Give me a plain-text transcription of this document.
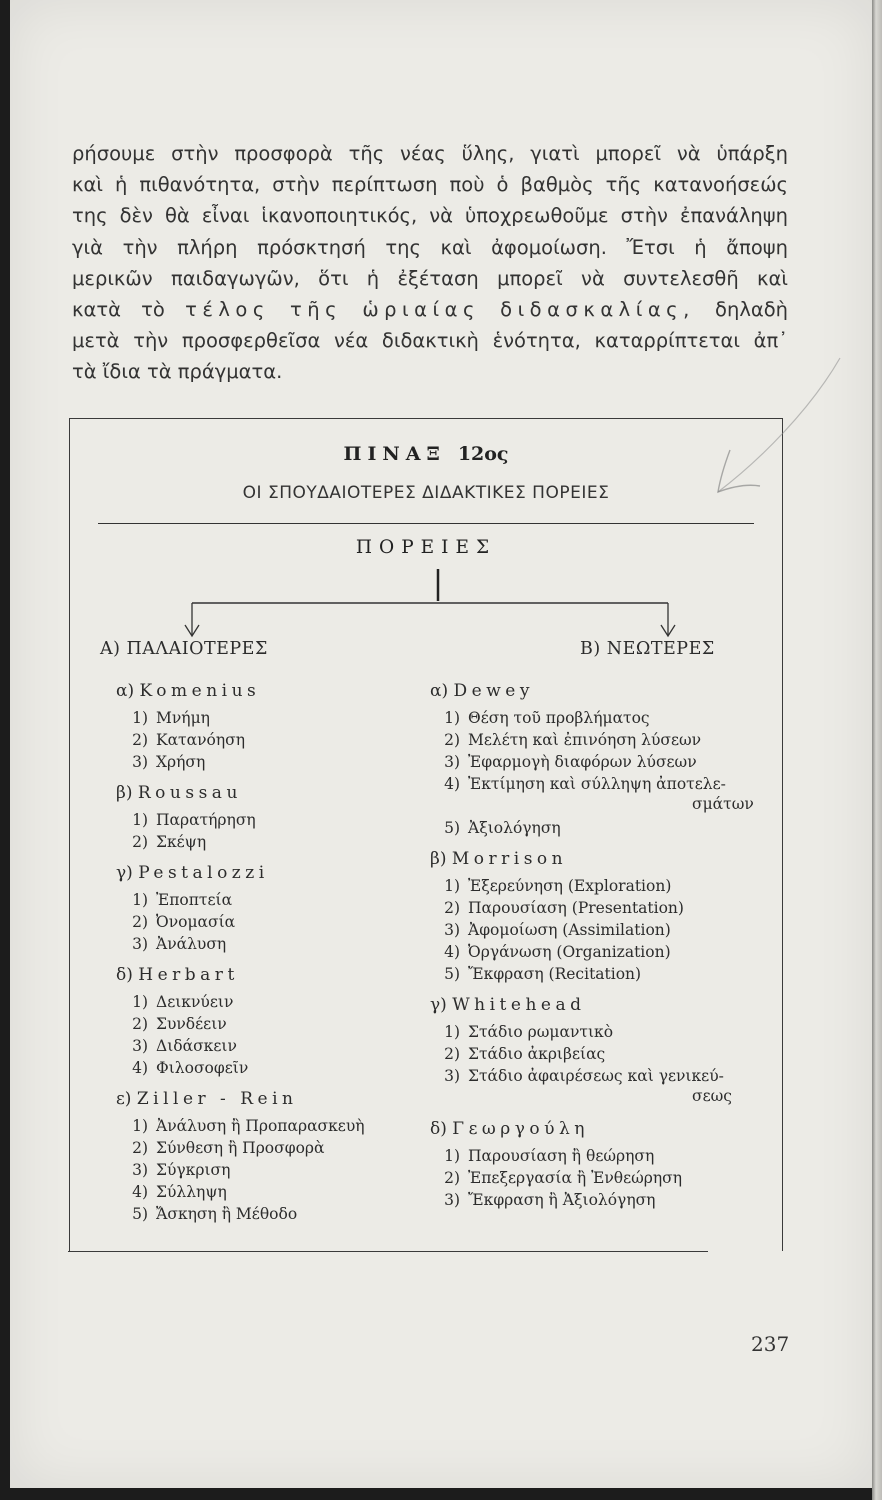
ρήσουμε στὴν προσφορὰ τῆς νέας ὕλης, γιατὶ μπορεῖ νὰ ὑπάρξη
καὶ ἡ πιθανότητα, στὴν περίπτωση ποὺ ὁ βαθμὸς τῆς κατανοήσεώς
της δὲν θὰ εἶναι ἱκανοποιητικός, νὰ ὑποχρεωθοῦμε στὴν ἐπανάληψη
γιὰ τὴν πλήρη πρόσκτησή της καὶ ἀφομοίωση. Ἔτσι ἡ ἄποψη
μερικῶν παιδαγωγῶν, ὅτι ἡ ἐξέταση μπορεῖ νὰ συντελεσθῆ καὶ
κατὰ τὸ τέλος τῆς ὡριαίας διδασκαλίας, δηλαδὴ
μετὰ τὴν προσφερθεῖσα νέα διδακτικὴ ἑνότητα, καταρρίπτεται ἀπ᾽
τὰ ἴδια τὰ πράγματα.
ΠΙΝΑΞ 12ος
ΟΙ ΣΠΟΥΔΑΙΟΤΕΡΕΣ ΔΙΔΑΚΤΙΚΕΣ ΠΟΡΕΙΕΣ
ΠΟΡΕΙΕΣ
Α) ΠΑΛΑΙΟΤΕΡΕΣ
α) Komenius
1) Μνήμη
2) Κατανόηση
3) Χρήση
β) Roussau
1) Παρατήρηση
2) Σκέψη
γ) Pestalozzi
1) Ἐποπτεία
2) Ὀνομασία
3) Ἀνάλυση
δ) Herbart
1) Δεικνύειν
2) Συνδέειν
3) Διδάσκειν
4) Φιλοσοφεῖν
ε) Ziller - Rein
1) Ἀνάλυση ἢ Προπαρασκευὴ
2) Σύνθεση ἢ Προσφορὰ
3) Σύγκριση
4) Σύλληψη
5) Ἄσκηση ἢ Μέθοδο
Β) ΝΕΩΤΕΡΕΣ
α) Dewey
1) Θέση τοῦ προβλήματος
2) Μελέτη καὶ ἐπινόηση λύσεων
3) Ἐφαρμογὴ διαφόρων λύσεων
4) Ἐκτίμηση καὶ σύλληψη ἀποτελε-
σμάτων
5) Ἀξιολόγηση
β) Morrison
1) Ἐξερεύνηση (Exploration)
2) Παρουσίαση (Presentation)
3) Ἀφομοίωση (Assimilation)
4) Ὀργάνωση (Organization)
5) Ἔκφραση (Recitation)
γ) Whitehead
1) Στάδιο ρωμαντικὸ
2) Στάδιο ἀκριβείας
3) Στάδιο ἀφαιρέσεως καὶ γενικεύ-
σεως
δ) Γεωργούλη
1) Παρουσίαση ἢ θεώρηση
2) Ἐπεξεργασία ἢ Ἐνθεώρηση
3) Ἔκφραση ἢ Ἀξιολόγηση
237
